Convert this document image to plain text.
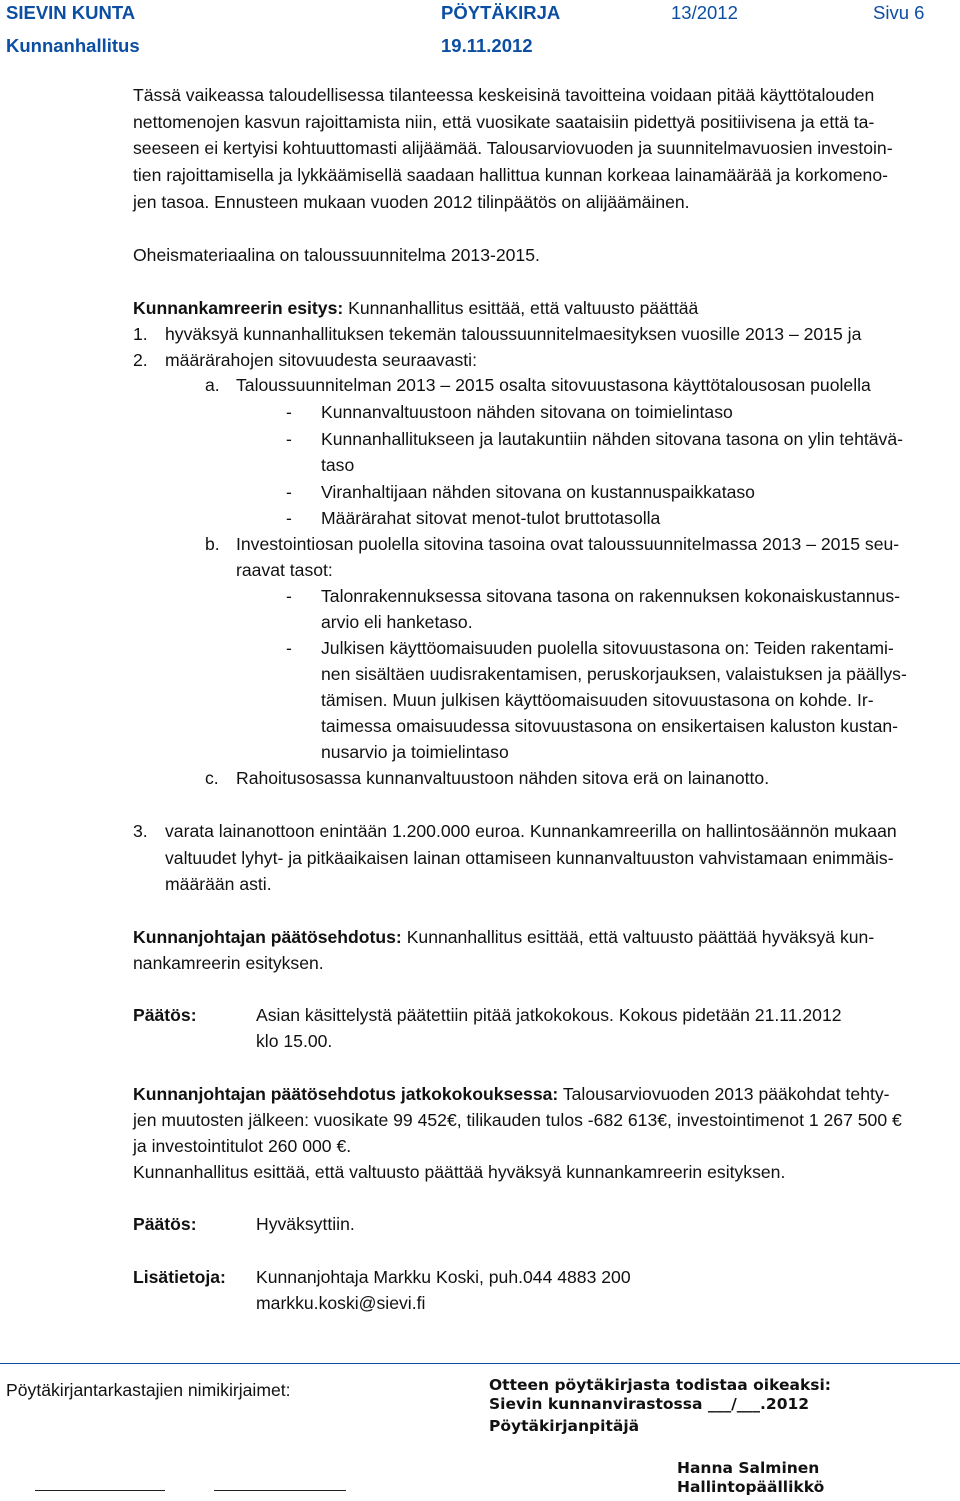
SIEVIN KUNTA	PÖYTÄKIRJA	13/2012	Sivu 6
Kunnanhallitus	19.11.2012
Tässä vaikeassa taloudellisessa tilanteessa keskeisinä tavoitteina voidaan pitää käyttötalouden
nettomenojen kasvun rajoittamista niin, että vuosikate saataisiin pidettyä positiivisena ja että ta-
seeseen ei kertyisi kohtuuttomasti alijäämää. Talousarviovuoden ja suunnitelmavuosien investoin-
tien rajoittamisella ja lykkäämisellä saadaan hallittua kunnan korkeaa lainamäärää ja korkomeno-
jen tasoa. Ennusteen mukaan vuoden 2012 tilinpäätös on alijäämäinen.
Oheismateriaalina on taloussuunnitelma 2013-2015.
Kunnankamreerin esitys: Kunnanhallitus esittää, että valtuusto päättää
1. hyväksyä kunnanhallituksen tekemän taloussuunnitelmaesityksen vuosille 2013 – 2015 ja
2. määrärahojen sitovuudesta seuraavasti:
a. Taloussuunnitelman 2013 – 2015 osalta sitovuustasona käyttötalousosan puolella
- Kunnanvaltuustoon nähden sitovana on toimielintaso
- Kunnanhallitukseen ja lautakuntiin nähden sitovana tasona on ylin tehtävä-
taso
- Viranhaltijaan nähden sitovana on kustannuspaikkataso
- Määrärahat sitovat menot-tulot bruttotasolla
b. Investointiosan puolella sitovina tasoina ovat taloussuunnitelmassa 2013 – 2015 seu-
raavat tasot:
- Talonrakennuksessa sitovana tasona on rakennuksen kokonaiskustannus-
arvio eli hanketaso.
- Julkisen käyttöomaisuuden puolella sitovuustasona on: Teiden rakentami-
nen sisältäen uudisrakentamisen, peruskorjauksen, valaistuksen ja päällys-
tämisen. Muun julkisen käyttöomaisuuden sitovuustasona on kohde. Ir-
taimessa omaisuudessa sitovuustasona on ensikertaisen kaluston kustan-
nusarvio ja toimielintaso
c. Rahoitusosassa kunnanvaltuustoon nähden sitova erä on lainanotto.
3. varata lainanottoon enintään 1.200.000 euroa. Kunnankamreerilla on hallintosäännön mukaan
valtuudet lyhyt- ja pitkäaikaisen lainan ottamiseen kunnanvaltuuston vahvistamaan enimmäis-
määrään asti.
Kunnanjohtajan päätösehdotus: Kunnanhallitus esittää, että valtuusto päättää hyväksyä kun-
nankamreerin esityksen.
Päätös:	Asian käsittelystä päätettiin pitää jatkokokous. Kokous pidetään 21.11.2012
klo 15.00.
Kunnanjohtajan päätösehdotus jatkokokouksessa: Talousarviovuoden 2013 pääkohdat tehty-
jen muutosten jälkeen: vuosikate 99 452€, tilikauden tulos -682 613€, investointimenot 1 267 500 €
ja investointitulot 260 000 €.
Kunnanhallitus esittää, että valtuusto päättää hyväksyä kunnankamreerin esityksen.
Päätös:	Hyväksyttiin.
Lisätietoja: Kunnanjohtaja Markku Koski, puh.044 4883 200
markku.koski@sievi.fi
Pöytäkirjantarkastajien nimikirjaimet:	Otteen pöytäkirjasta todistaa oikeaksi:
Sievin kunnanvirastossa ___/___.2012
Pöytäkirjanpitäjä
Hanna Salminen
Hallintopäällikkö
